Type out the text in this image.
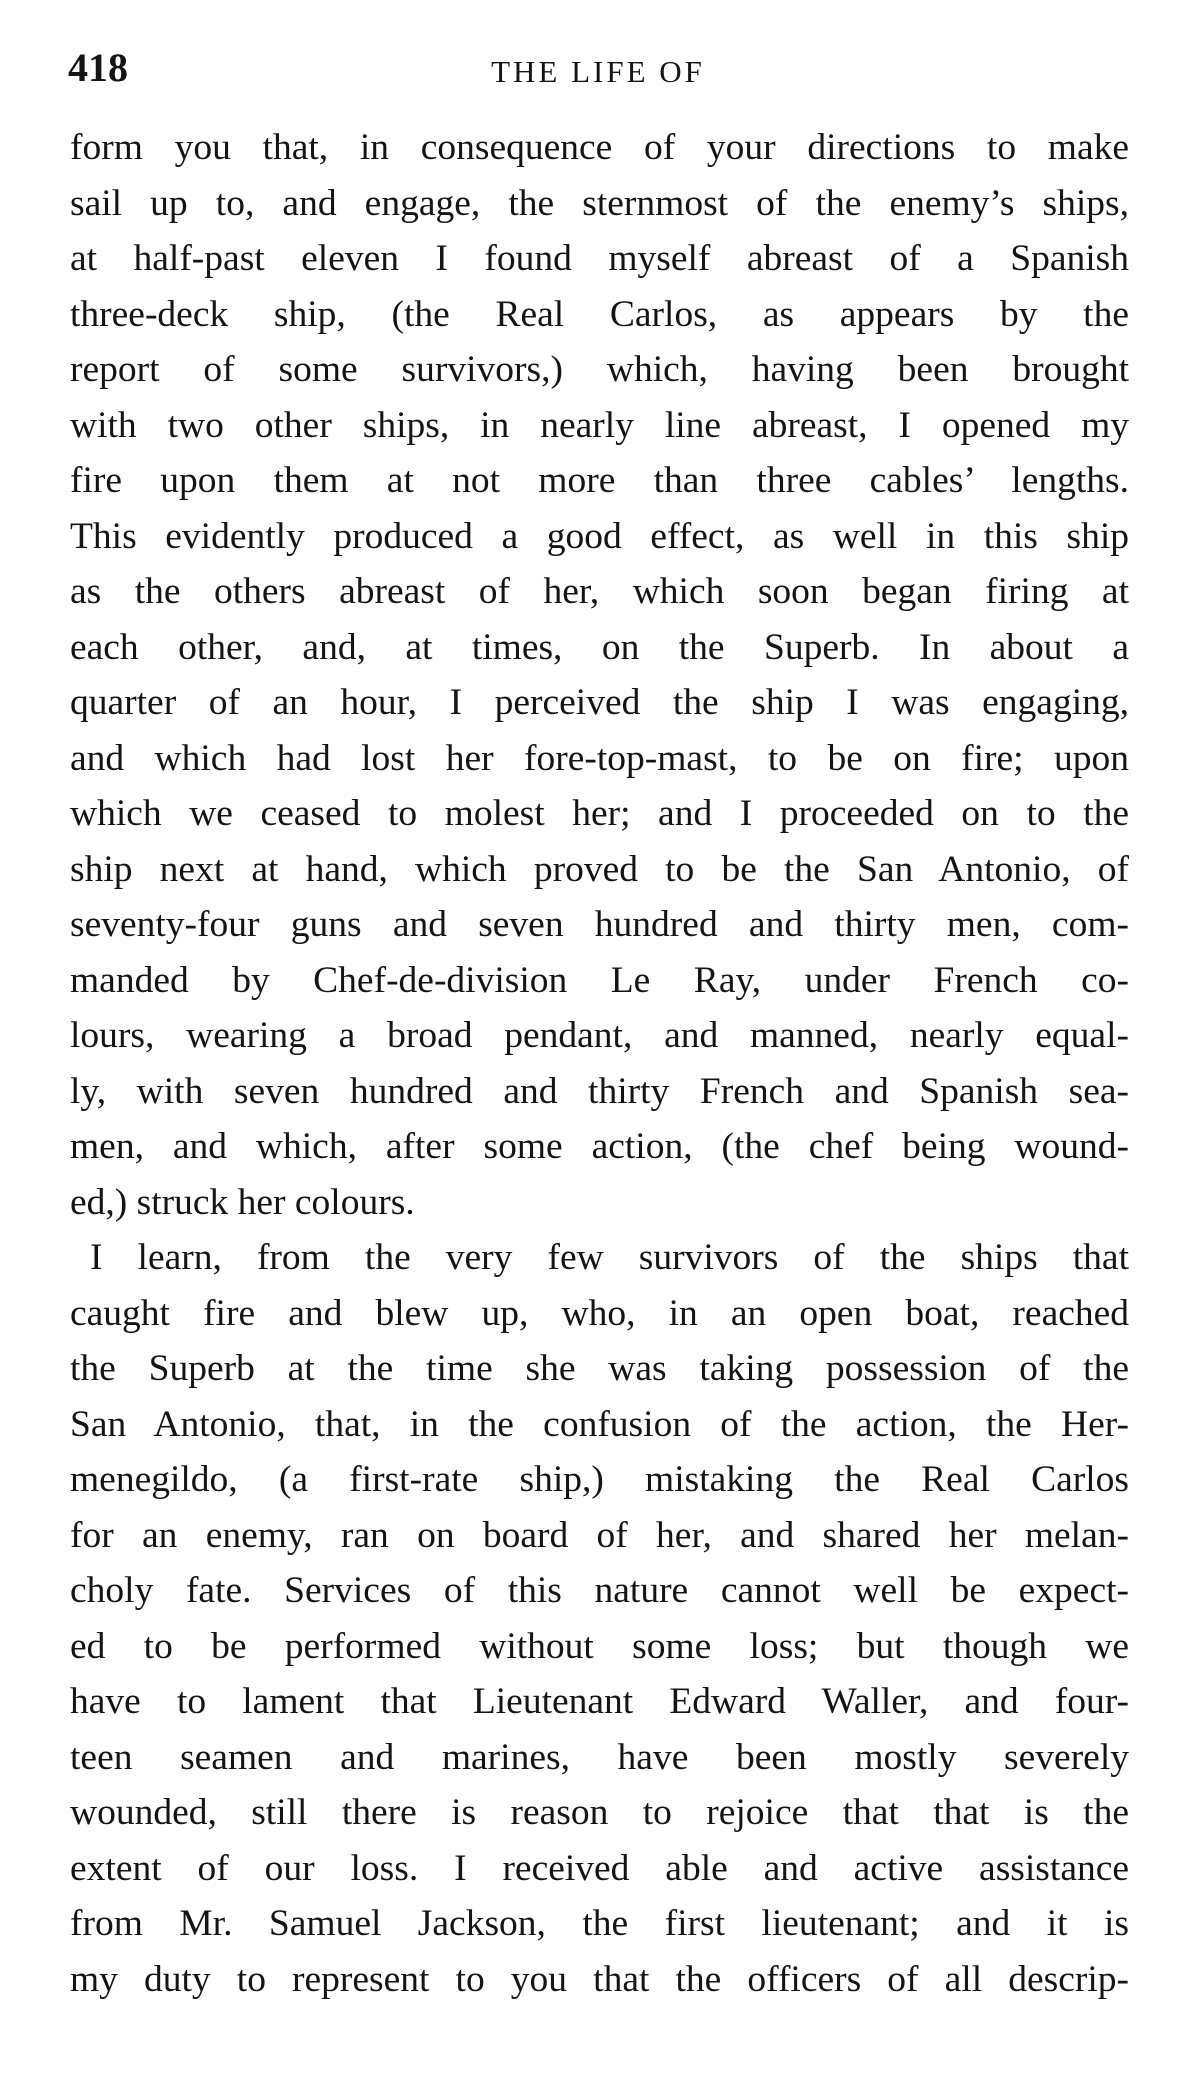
418	THE LIFE OF
form you that, in consequence of your directions to make
sail up to, and engage, the sternmost of the enemy’s ships,
at half-past eleven I found myself abreast of a Spanish
three-deck ship, (the Real Carlos, as appears by the
report of some survivors,) which, having been brought
with two other ships, in nearly line abreast, I opened my
fire upon them at not more than three cables’ lengths.
This evidently produced a good effect, as well in this ship
as the others abreast of her, which soon began firing at
each other, and, at times, on the Superb. In about a
quarter of an hour, I perceived the ship I was engaging,
and which had lost her fore-top-mast, to be on fire; upon
which we ceased to molest her; and I proceeded on to the
ship next at hand, which proved to be the San Antonio, of
seventy-four guns and seven hundred and thirty men, com-
manded by Chef-de-division Le Ray, under French co-
lours, wearing a broad pendant, and manned, nearly equal-
ly, with seven hundred and thirty French and Spanish sea-
men, and which, after some action, (the chef being wound-
ed,) struck her colours.
I learn, from the very few survivors of the ships that
caught fire and blew up, who, in an open boat, reached
the Superb at the time she was taking possession of the
San Antonio, that, in the confusion of the action, the Her-
menegildo, (a first-rate ship,) mistaking the Real Carlos
for an enemy, ran on board of her, and shared her melan-
choly fate. Services of this nature cannot well be expect-
ed to be performed without some loss; but though we
have to lament that Lieutenant Edward Waller, and four-
teen seamen and marines, have been mostly severely
wounded, still there is reason to rejoice that that is the
extent of our loss. I received able and active assistance
from Mr. Samuel Jackson, the first lieutenant; and it is
my duty to represent to you that the officers of all descrip-
